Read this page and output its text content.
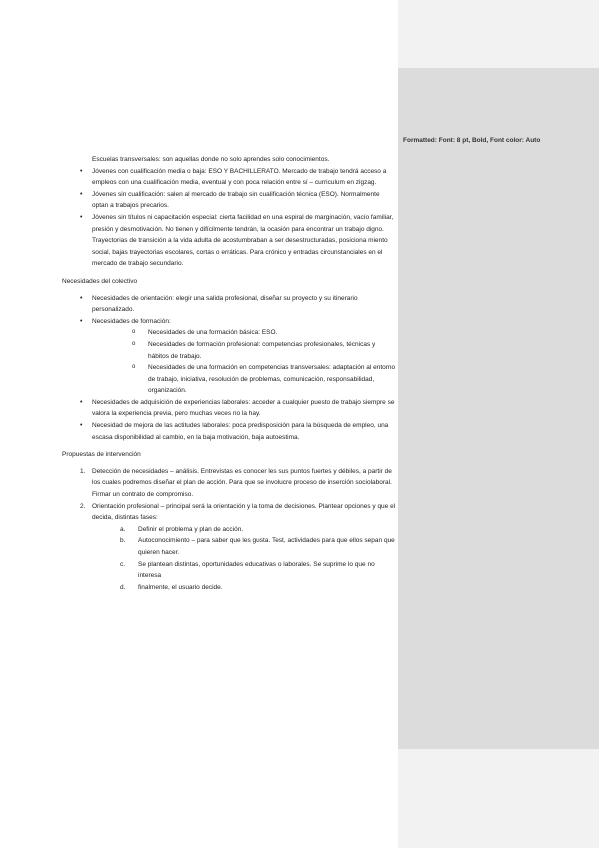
Formatted: Font: 8 pt, Bold, Font color: Auto

Escuelas transversales: son aquellas donde no solo aprendes solo conocimientos.

• Jóvenes con cualificación media o baja: ESO Y BACHILLERATO. Mercado de trabajo tendrá acceso a empleos con una cualificación media, eventual y con poca relación entre sí – curriculum en zigzag.
• Jóvenes sin cualificación: salen al mercado de trabajo sin cualificación técnica (ESO). Normalmente optan a trabajos precarios.
• Jóvenes sin títulos ni capacitación especial: cierta facilidad en una espiral de marginación, vacío familiar, presión y desmotivación. No tienen y difícilmente tendrán, la ocasión para encontrar un trabajo digno. Trayectorias de transición a la vida adulta de acostumbraban a ser desestructuradas, posiciona miento social, bajas trayectorias escolares, cortas o erráticas. Para crónico y entradas circunstanciales en el mercado de trabajo secundario.

Necesidades del colectivo

• Necesidades de orientación: elegir una salida profesional, diseñar su proyecto y su itinerario personalizado.
• Necesidades de formación:
o Necesidades de una formación básica: ESO.
o Necesidades de formación profesional: competencias profesionales, técnicas y hábitos de trabajo.
o Necesidades de una formación en competencias transversales: adaptación al entorno de trabajo, iniciativa, resolución de problemas, comunicación, responsabilidad, organización.
• Necesidades de adquisición de experiencias laborales: acceder a cualquier puesto de trabajo siempre se valora la experiencia previa, pero muchas veces no la hay.
• Necesidad de mejora de las actitudes laborales: poca predisposición para la búsqueda de empleo, una escasa disponibilidad al cambio, en la baja motivación, baja autoestima.

Propuestas de intervención

1. Detección de necesidades – análisis. Entrevistas es conocer les sus puntos fuertes y débiles, a partir de los cuales podremos diseñar el plan de acción. Para que se involucre proceso de inserción sociolaboral. Firmar un contrato de compromiso.
2. Orientación profesional – principal será la orientación y la toma de decisiones. Plantear opciones y que el decida, distintas fases:
a. Definir el problema y plan de acción.
b. Autoconocimiento – para saber que les gusta. Test, actividades para que ellos sepan que quieren hacer.
c. Se plantean distintas, oportunidades educativas o laborales. Se suprime lo que no interesa
d. finalmente, el usuario decide.
